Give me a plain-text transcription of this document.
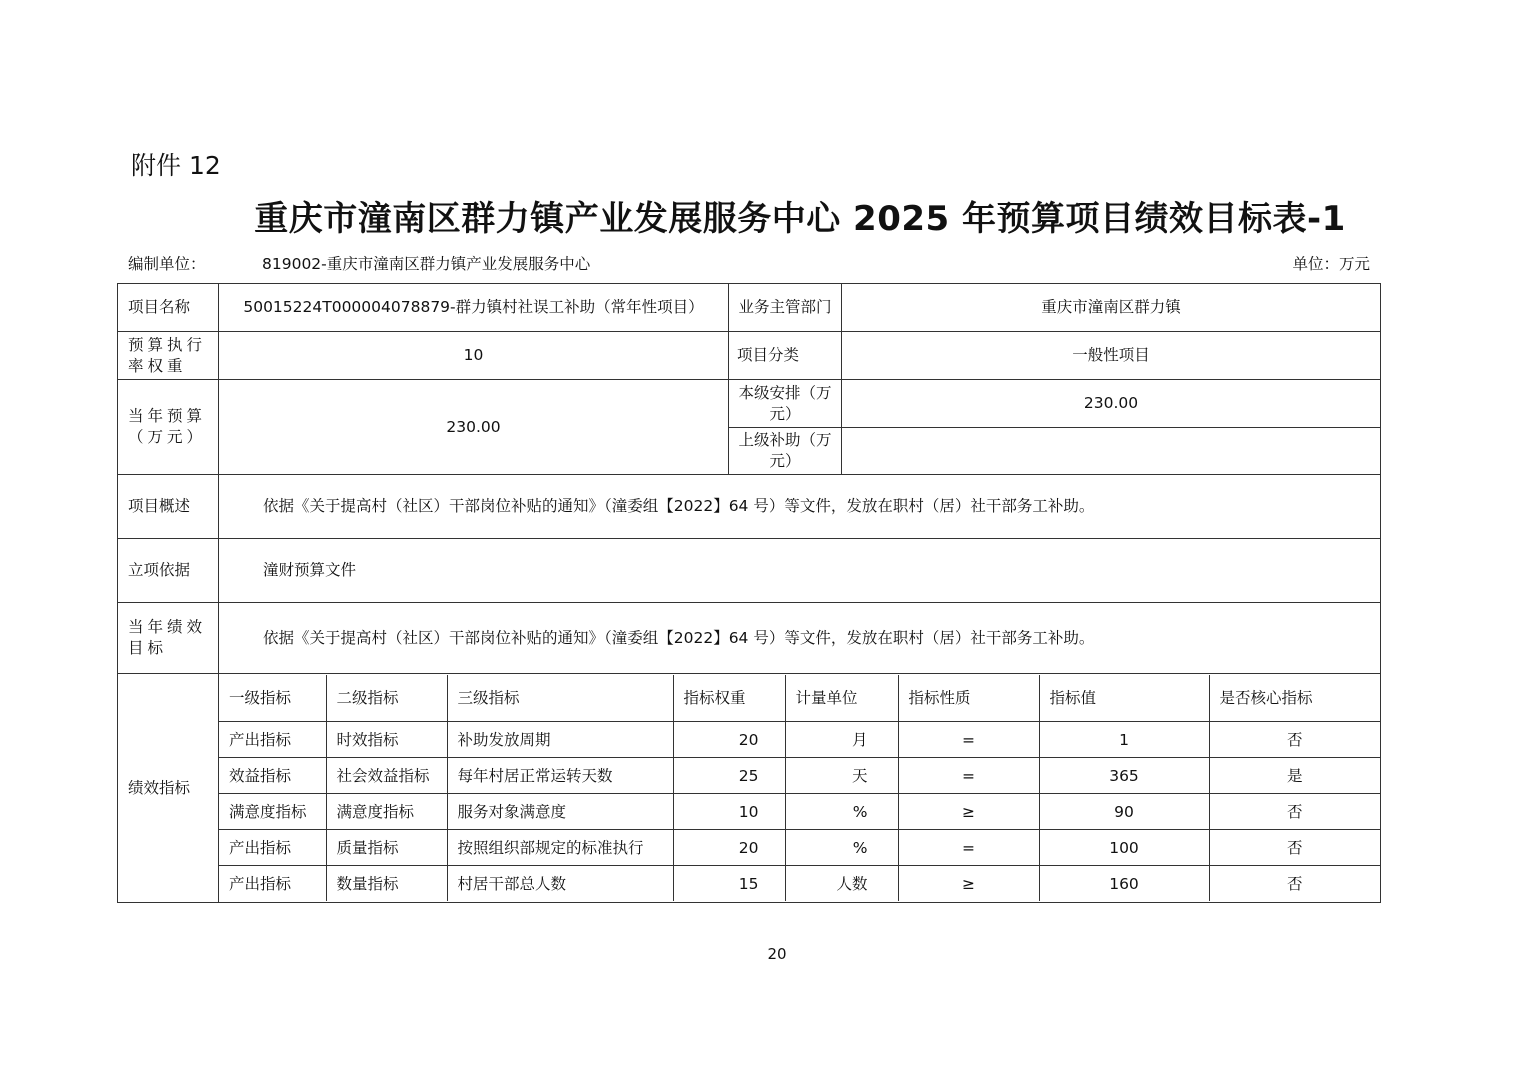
附件 12
重庆市潼南区群力镇产业发展服务中心 2025 年预算项目绩效目标表-1
编制单位：	819002-重庆市潼南区群力镇产业发展服务中心	单位：万元
项目名称	50015224T000004078879-群力镇村社误工补助（常年性项目）	业务主管部门	重庆市潼南区群力镇
预算执行率权重	10	项目分类	一般性项目
当年预算（万元）	230.00	本级安排（万元）	230.00
上级补助（万元）	
项目概述	依据《关于提高村（社区）干部岗位补贴的通知》（潼委组【2022】64 号）等文件，发放在职村（居）社干部务工补助。
立项依据	潼财预算文件
当年绩效目标	依据《关于提高村（社区）干部岗位补贴的通知》（潼委组【2022】64 号）等文件，发放在职村（居）社干部务工补助。
绩效指标	
一级指标	二级指标	三级指标	指标权重	计量单位	指标性质	指标值	是否核心指标
产出指标	时效指标	补助发放周期	20	月	=	1	否
效益指标	社会效益指标	每年村居正常运转天数	25	天	=	365	是
满意度指标	满意度指标	服务对象满意度	10	%	≥	90	否
产出指标	质量指标	按照组织部规定的标准执行	20	%	=	100	否
产出指标	数量指标	村居干部总人数	15	人数	≥	160	否
20
